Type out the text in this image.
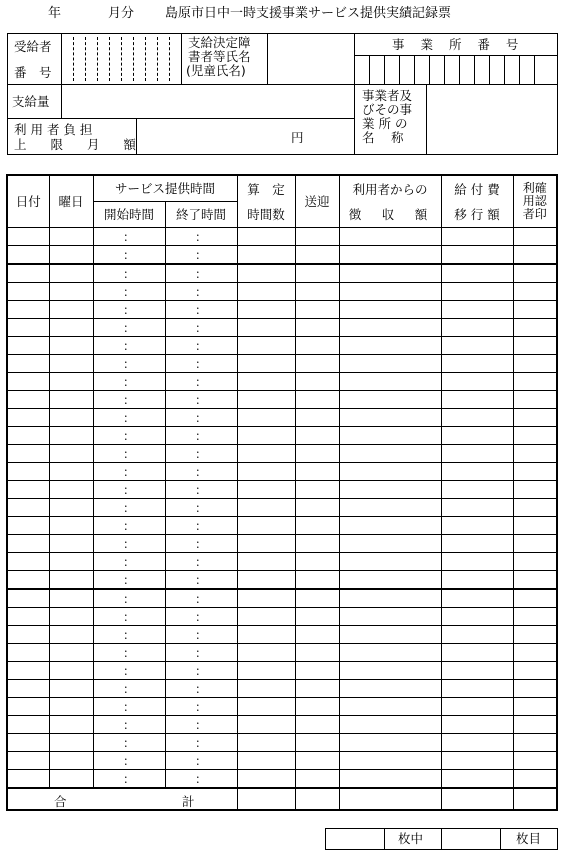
年	月分 島原市日中一時支援事業サービス提供実績記録票
受給者
番　号
支給決定障
書者等氏名
(児童氏名)
事 業 所 番 号
支給量	事業者及
びその事
業所の
名　称
利 用 者 負 担
上 限 月 額	円
日付	曜日	サービス提供時間		算　定	送迎	利用者からの	給 付 費	利確
用認
者印

		開始時間	終了時間	時間数		徴　収　額	移 行 額	
		：	：					
		：	：					
		：	：					
		：	：					
		：	：					
		：	：					
		：	：					
		：	：					
		：	：					
		：	：					
		：	：					
		：	：					
		：	：					
		：	：					
		：	：					
		：	：					
		：	：					
		：	：					
		：	：					
		：	：					
		：	：					
		：	：					
		：	：					
		：	：					
		：	：					
		：	：					
		：	：					
		：	：					
		：	：					
		：	：					
		：	：					

合 計								

枚中	枚目
